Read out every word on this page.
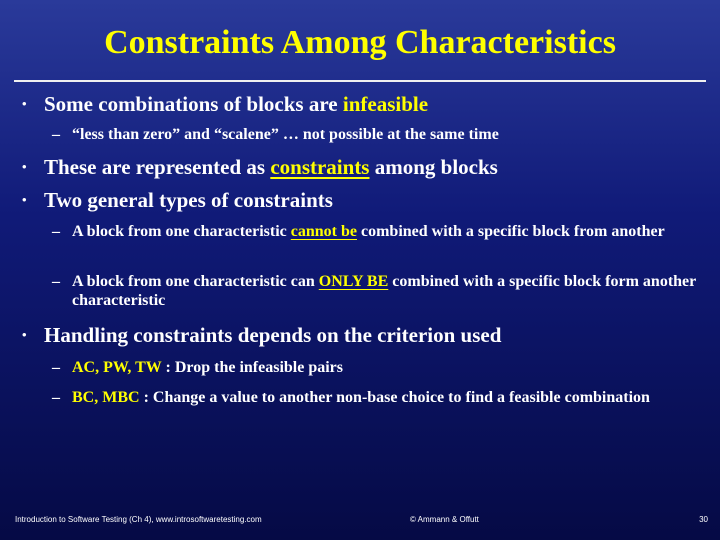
Constraints Among Characteristics
• Some combinations of blocks are infeasible
– “less than zero” and “scalene” … not possible at the same time
• These are represented as constraints among blocks
• Two general types of constraints
– A block from one characteristic cannot be combined with a specific block from another
– A block from one characteristic can ONLY BE combined with a specific block form another characteristic
• Handling constraints depends on the criterion used
– AC, PW, TW : Drop the infeasible pairs
– BC, MBC : Change a value to another non-base choice to find a feasible combination
Introduction to Software Testing (Ch 4), www.introsoftwaretesting.com	© Ammann & Offutt	30
